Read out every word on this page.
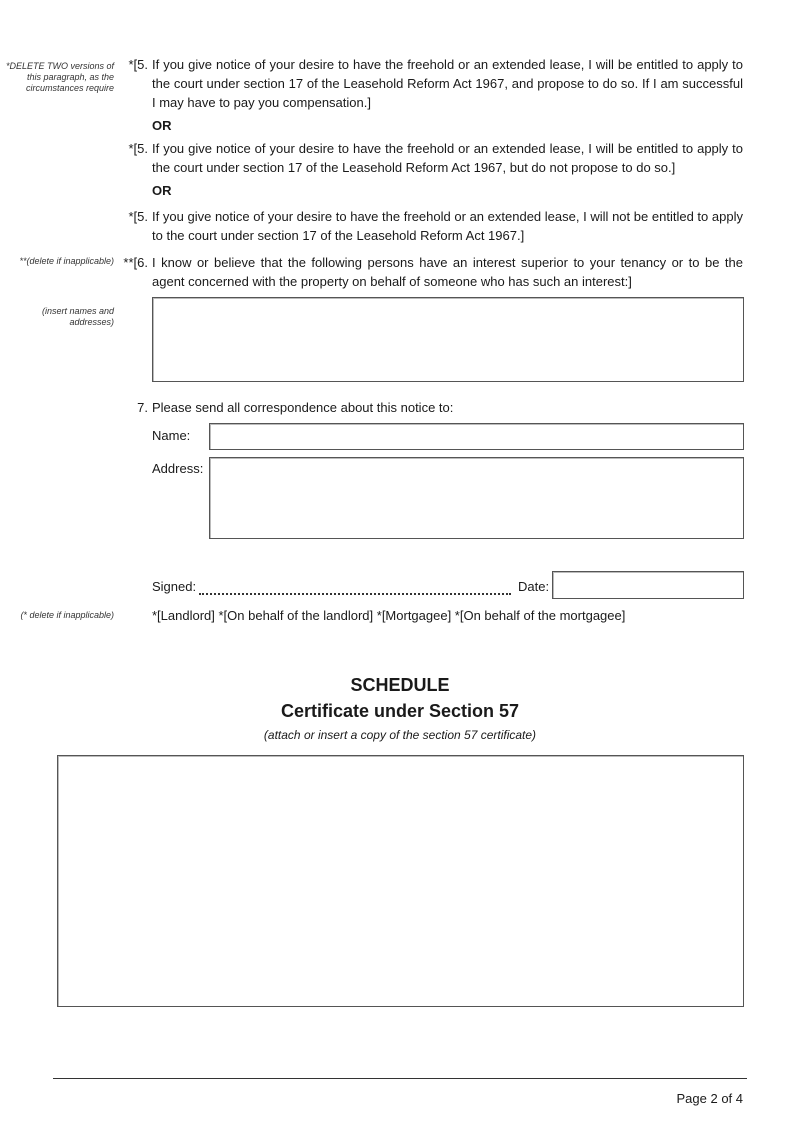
*DELETE TWO versions of this paragraph, as the circumstances require
**(delete if inapplicable)
(insert names and addresses)
(* delete if inapplicable)
*[5. If you give notice of your desire to have the freehold or an extended lease, I will be entitled to apply to the court under section 17 of the Leasehold Reform Act 1967, and propose to do so. If I am successful I may have to pay you compensation.]
OR
*[5. If you give notice of your desire to have the freehold or an extended lease, I will be entitled to apply to the court under section 17 of the Leasehold Reform Act 1967, but do not propose to do so.]
OR
*[5. If you give notice of your desire to have the freehold or an extended lease, I will not be entitled to apply to the court under section 17 of the Leasehold Reform Act 1967.]
**[6. I know or believe that the following persons have an interest superior to your tenancy or to be the agent concerned with the property on behalf of someone who has such an interest:]
7. Please send all correspondence about this notice to:
Name:
Address:
Signed:	Date:
*[Landlord] *[On behalf of the landlord] *[Mortgagee] *[On behalf of the mortgagee]
SCHEDULE
Certificate under Section 57
(attach or insert a copy of the section 57 certificate)
Page 2 of 4
